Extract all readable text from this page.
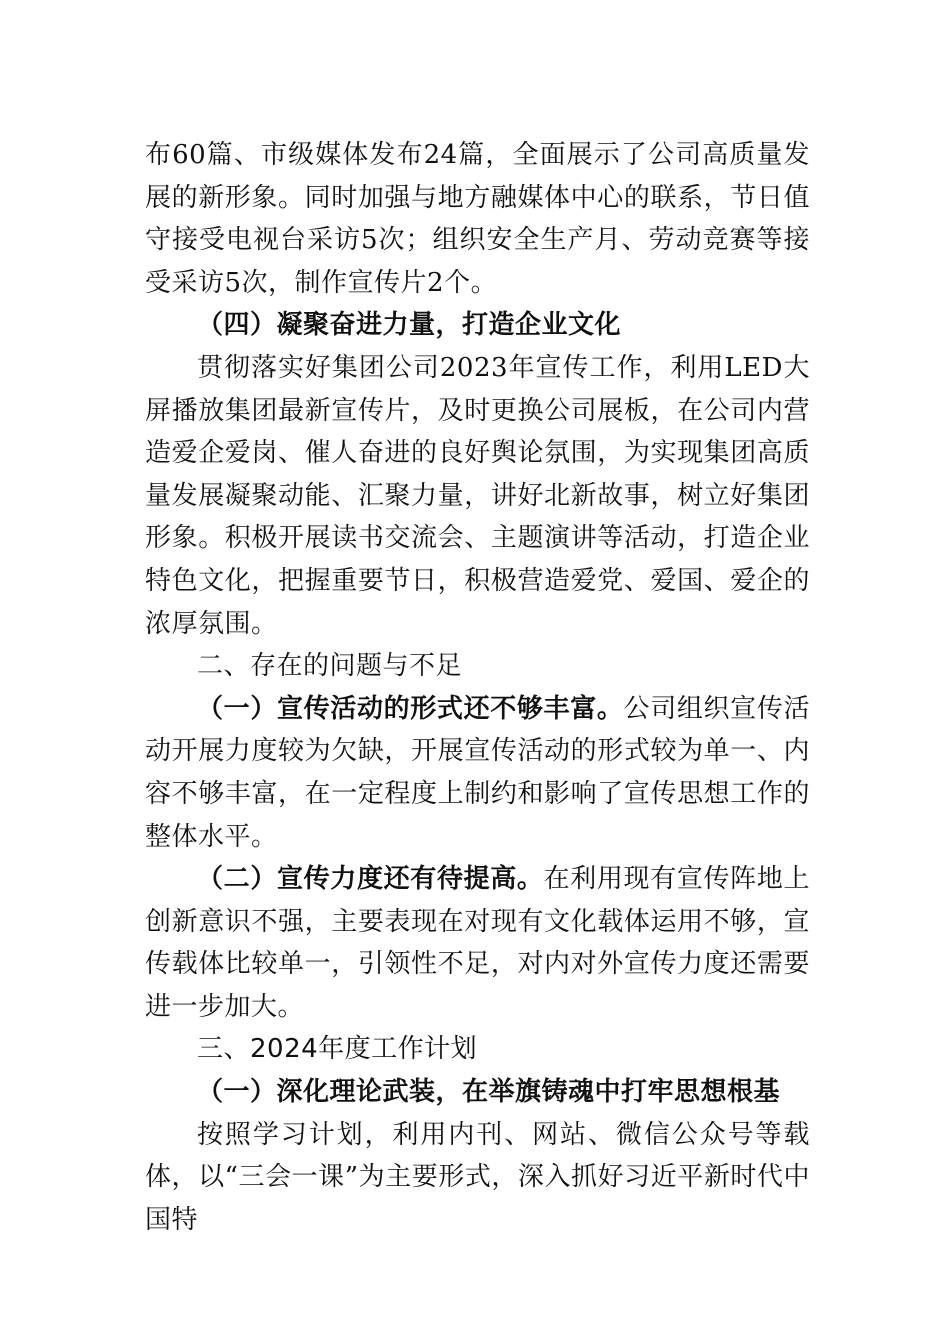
布60篇、市级媒体发布24篇，全面展示了公司高质量发展的新形象。同时加强与地方融媒体中心的联系，节日值守接受电视台采访5次；组织安全生产月、劳动竞赛等接受采访5次，制作宣传片2个。

（四）凝聚奋进力量，打造企业文化

贯彻落实好集团公司2023年宣传工作，利用LED大屏播放集团最新宣传片，及时更换公司展板，在公司内营造爱企爱岗、催人奋进的良好舆论氛围，为实现集团高质量发展凝聚动能、汇聚力量，讲好北新故事，树立好集团形象。积极开展读书交流会、主题演讲等活动，打造企业特色文化，把握重要节日，积极营造爱党、爱国、爱企的浓厚氛围。

二、存在的问题与不足

（一）宣传活动的形式还不够丰富。公司组织宣传活动开展力度较为欠缺，开展宣传活动的形式较为单一、内容不够丰富，在一定程度上制约和影响了宣传思想工作的整体水平。

（二）宣传力度还有待提高。在利用现有宣传阵地上创新意识不强，主要表现在对现有文化载体运用不够，宣传载体比较单一，引领性不足，对内对外宣传力度还需要进一步加大。

三、2024年度工作计划

（一）深化理论武装，在举旗铸魂中打牢思想根基

按照学习计划，利用内刊、网站、微信公众号等载体，以“三会一课”为主要形式，深入抓好习近平新时代中国特
